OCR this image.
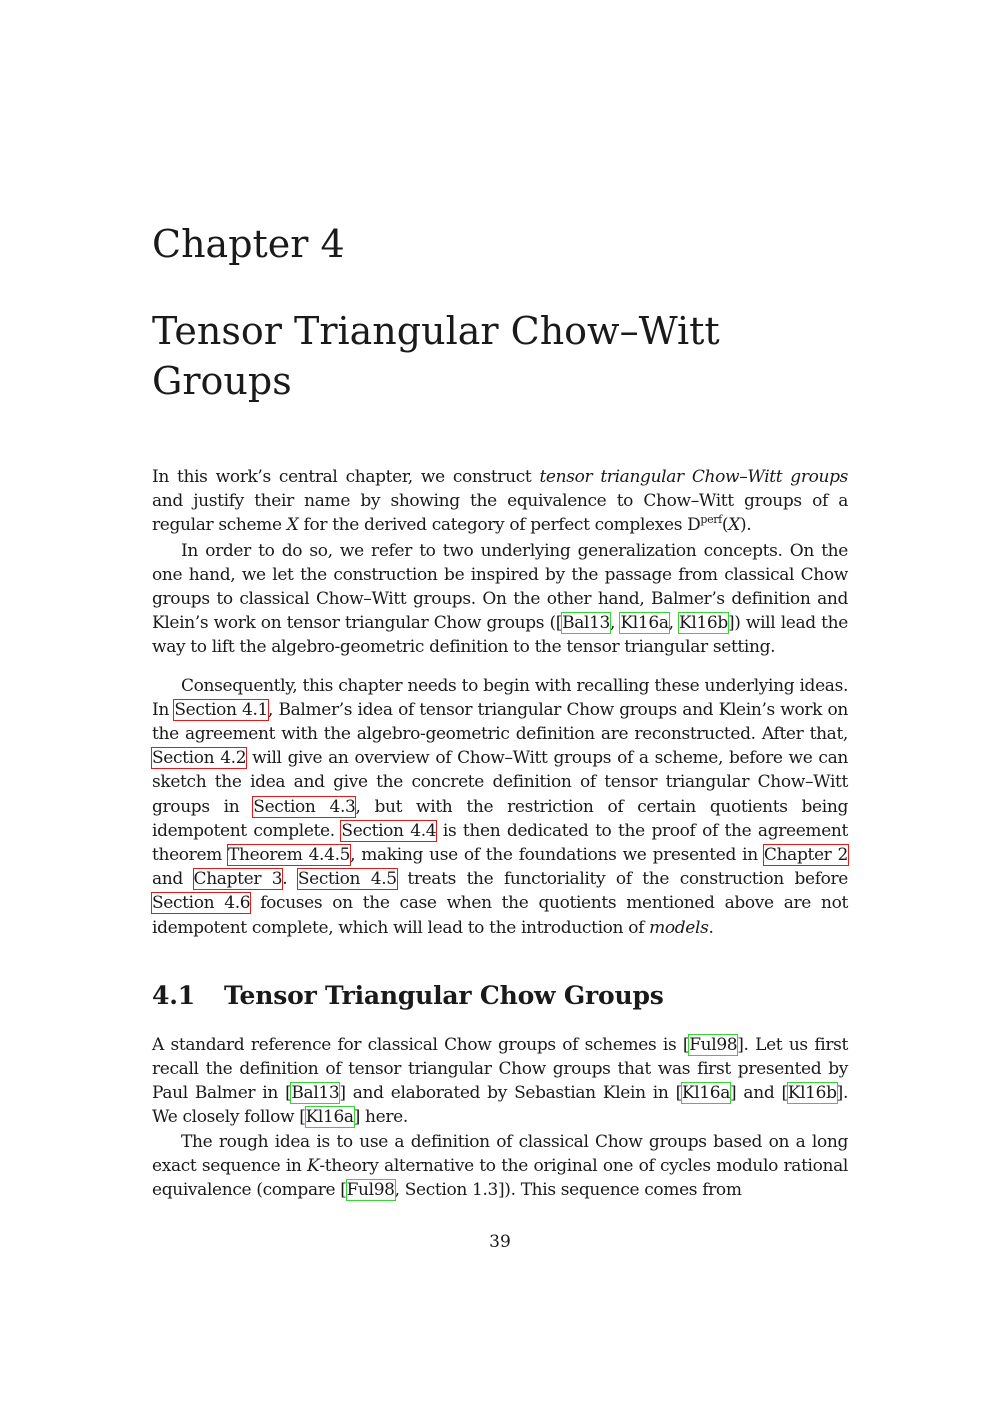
Chapter 4
Tensor Triangular Chow–Witt Groups

In this work’s central chapter, we construct tensor triangular Chow–Witt groups and justify their name by showing the equivalence to Chow–Witt groups of a regular scheme X for the derived category of perfect complexes $D^{perf}(X)$.

In order to do so, we refer to two underlying generalization concepts. On the one hand, we let the construction be inspired by the passage from classical Chow groups to classical Chow–Witt groups. On the other hand, Balmer’s definition and Klein’s work on tensor triangular Chow groups ([Bal13, Kl16a, Kl16b]) will lead the way to lift the algebro-geometric definition to the tensor triangular setting.

Consequently, this chapter needs to begin with recalling these underlying ideas. In Section 4.1, Balmer’s idea of tensor triangular Chow groups and Klein’s work on the agreement with the algebro-geometric definition are reconstructed. After that, Section 4.2 will give an overview of Chow–Witt groups of a scheme, before we can sketch the idea and give the concrete definition of tensor triangular Chow–Witt groups in Section 4.3, but with the restriction of certain quotients being idempotent complete. Section 4.4 is then dedicated to the proof of the agreement theorem Theorem 4.4.5, making use of the foundations we presented in Chapter 2 and Chapter 3. Section 4.5 treats the functoriality of the construction before Section 4.6 focuses on the case when the quotients mentioned above are not idempotent complete, which will lead to the introduction of models.

4.1 Tensor Triangular Chow Groups

A standard reference for classical Chow groups of schemes is [Ful98]. Let us first recall the definition of tensor triangular Chow groups that was first presented by Paul Balmer in [Bal13] and elaborated by Sebastian Klein in [Kl16a] and [Kl16b]. We closely follow [Kl16a] here.

The rough idea is to use a definition of classical Chow groups based on a long exact sequence in K-theory alternative to the original one of cycles modulo rational equivalence (compare [Ful98, Section 1.3]). This sequence comes from

39
